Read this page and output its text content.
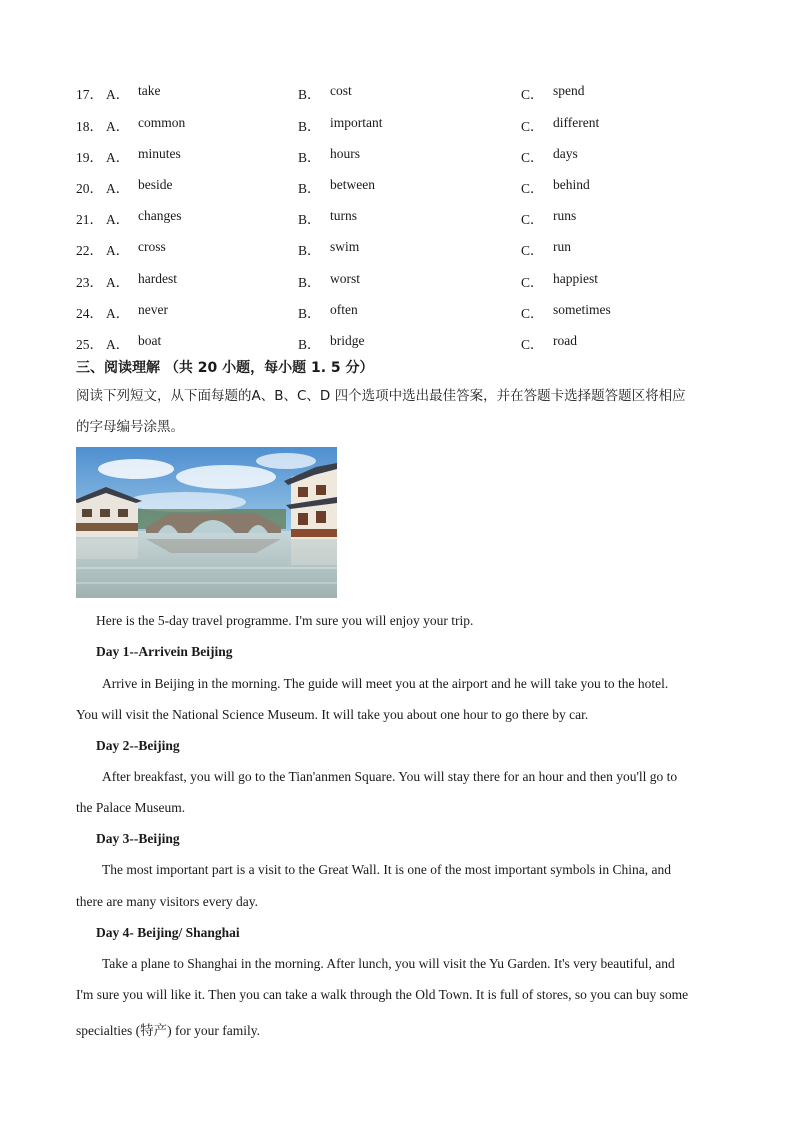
17． A． take	B． cost	C． spend
18． A． common	B． important	C． different
19． A． minutes	B． hours	C． days
20． A． beside	B． between	C． behind
21． A． changes	B． turns	C． runs
22． A． cross	B． swim	C． run
23． A． hardest	B． worst	C． happiest
24． A． never	B． often	C． sometimes
25． A． boat	B． bridge	C． road
三、阅读理解 （共 20 小题，每小题 1. 5 分）
阅读下列短文，从下面每题的A、B、C、D 四个选项中选出最佳答案，并在答题卡选择题答题区将相应
的字母编号涂黑。
Here is the 5-day travel programme. I'm sure you will enjoy your trip.
Day 1--Arrivein Beijing
Arrive in Beijing in the morning. The guide will meet you at the airport and he will take you to the hotel.
You will visit the National Science Museum. It will take you about one hour to go there by car.
Day 2--Beijing
After breakfast, you will go to the Tian'anmen Square. You will stay there for an hour and then you'll go to
the Palace Museum.
Day 3--Beijing
The most important part is a visit to the Great Wall. It is one of the most important symbols in China, and
there are many visitors every day.
Day 4- Beijing/ Shanghai
Take a plane to Shanghai in the morning. After lunch, you will visit the Yu Garden. It's very beautiful, and
I'm sure you will like it. Then you can take a walk through the Old Town. It is full of stores, so you can buy some
specialties (特产) for your family.
